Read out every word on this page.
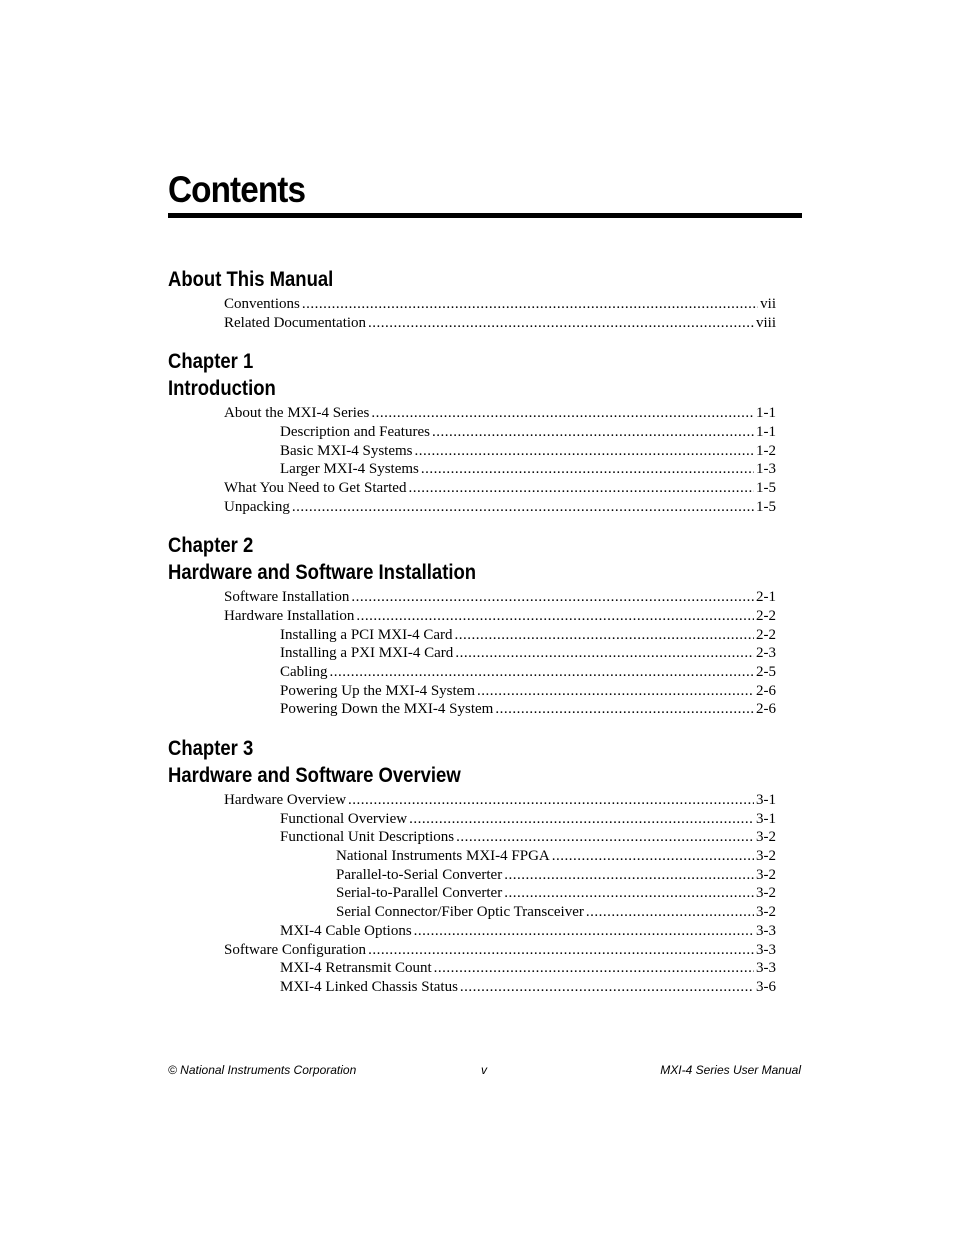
Contents
About This Manual
Conventions .....	vii
Related Documentation .....	viii
Chapter 1
Introduction
About the MXI-4 Series .....	1-1
Description and Features .....	1-1
Basic MXI-4 Systems .....	1-2
Larger MXI-4 Systems .....	1-3
What You Need to Get Started .....	1-5
Unpacking .....	1-5
Chapter 2
Hardware and Software Installation
Software Installation .....	2-1
Hardware Installation .....	2-2
Installing a PCI MXI-4 Card .....	2-2
Installing a PXI MXI-4 Card .....	2-3
Cabling .....	2-5
Powering Up the MXI-4 System .....	2-6
Powering Down the MXI-4 System .....	2-6
Chapter 3
Hardware and Software Overview
Hardware Overview .....	3-1
Functional Overview .....	3-1
Functional Unit Descriptions .....	3-2
National Instruments MXI-4 FPGA .....	3-2
Parallel-to-Serial Converter .....	3-2
Serial-to-Parallel Converter .....	3-2
Serial Connector/Fiber Optic Transceiver .....	3-2
MXI-4 Cable Options .....	3-3
Software Configuration .....	3-3
MXI-4 Retransmit Count .....	3-3
MXI-4 Linked Chassis Status .....	3-6
© National Instruments Corporation	v	MXI-4 Series User Manual
